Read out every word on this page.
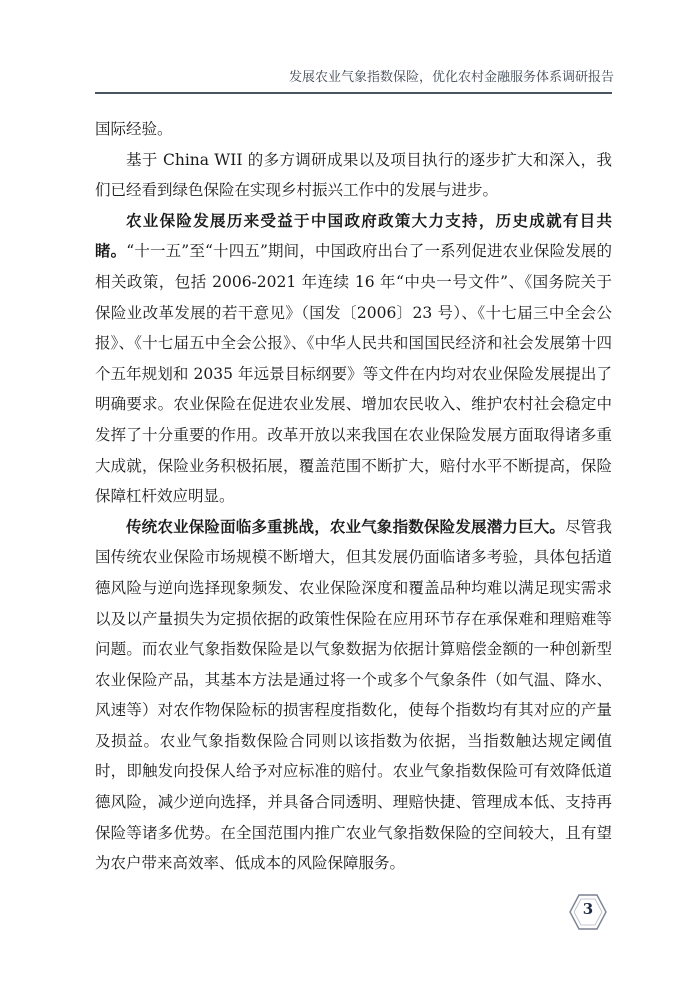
发展农业气象指数保险，优化农村金融服务体系调研报告

国际经验。

基于 China WII 的多方调研成果以及项目执行的逐步扩大和深入，我们已经看到绿色保险在实现乡村振兴工作中的发展与进步。

农业保险发展历来受益于中国政府政策大力支持，历史成就有目共睹。“十一五”至“十四五”期间，中国政府出台了一系列促进农业保险发展的相关政策，包括 2006-2021 年连续 16 年“中央一号文件”、《国务院关于保险业改革发展的若干意见》（国发〔2006〕23 号）、《十七届三中全会公报》、《十七届五中全会公报》、《中华人民共和国国民经济和社会发展第十四个五年规划和 2035 年远景目标纲要》等文件在内均对农业保险发展提出了明确要求。农业保险在促进农业发展、增加农民收入、维护农村社会稳定中发挥了十分重要的作用。改革开放以来我国在农业保险发展方面取得诸多重大成就，保险业务积极拓展，覆盖范围不断扩大，赔付水平不断提高，保险保障杠杆效应明显。

传统农业保险面临多重挑战，农业气象指数保险发展潜力巨大。尽管我国传统农业保险市场规模不断增大，但其发展仍面临诸多考验，具体包括道德风险与逆向选择现象频发、农业保险深度和覆盖品种均难以满足现实需求以及以产量损失为定损依据的政策性保险在应用环节存在承保难和理赔难等问题。而农业气象指数保险是以气象数据为依据计算赔偿金额的一种创新型农业保险产品，其基本方法是通过将一个或多个气象条件（如气温、降水、风速等）对农作物保险标的损害程度指数化，使每个指数均有其对应的产量及损益。农业气象指数保险合同则以该指数为依据，当指数触达规定阈值时，即触发向投保人给予对应标准的赔付。农业气象指数保险可有效降低道德风险，减少逆向选择，并具备合同透明、理赔快捷、管理成本低、支持再保险等诸多优势。在全国范围内推广农业气象指数保险的空间较大，且有望为农户带来高效率、低成本的风险保障服务。

3
